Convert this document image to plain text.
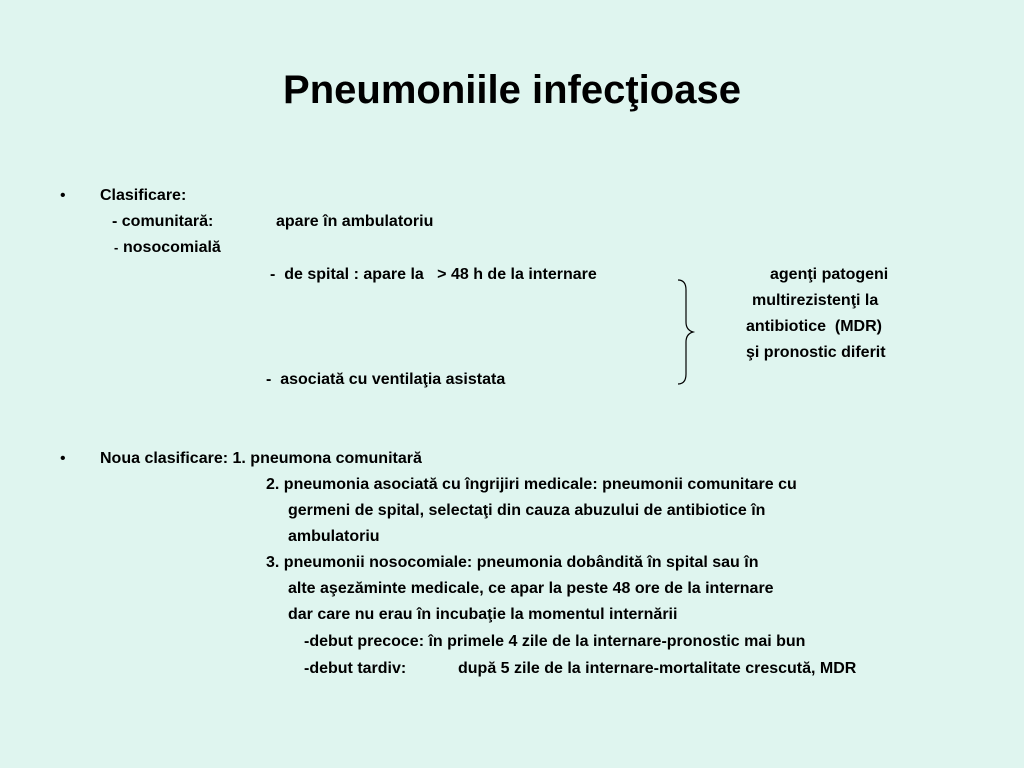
Pneumoniile infecţioase
• Clasificare:
- comunitară:	apare în ambulatoriu
- nosocomială
-  de spital : apare la   > 48 h de la internare	agenţi patogeni
multirezistenţi la
antibiotice  (MDR)
şi pronostic diferit
-  asociată cu ventilaţia asistata
• Noua clasificare: 1. pneumona comunitară
2. pneumonia asociată cu îngrijiri medicale: pneumonii comunitare cu
germeni de spital, selectaţi din cauza abuzului de antibiotice în
ambulatoriu
3. pneumonii nosocomiale: pneumonia dobândită în spital sau în
alte aşezăminte medicale, ce apar la peste 48 ore de la internare
dar care nu erau în incubaţie la momentul internării
-debut precoce: în primele 4 zile de la internare-pronostic mai bun
-debut tardiv:	după 5 zile de la internare-mortalitate crescută, MDR
